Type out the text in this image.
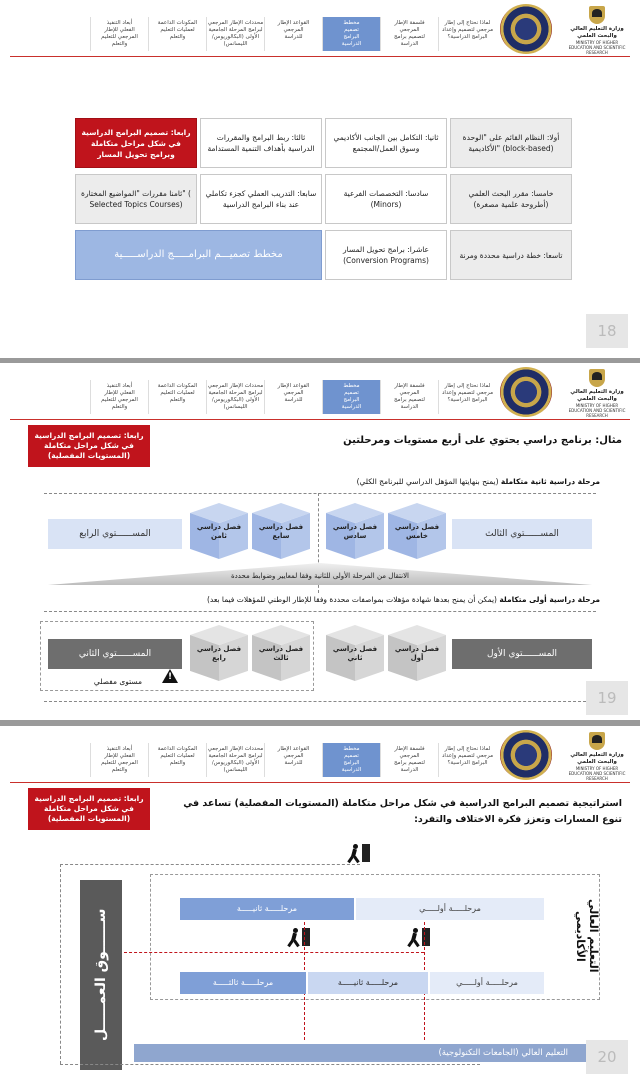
وزارة التعليم العالي والبحث العلمي
MINISTRY OF HIGHER EDUCATION AND SCIENTIFIC RESEARCH
لماذا نحتاج إلى إطار
مرجعي لتصميم وإعداد
البرامج الدراسية؟
فلسفة الإطار
المرجعي
لتصميم برامج
الدراسة
مخطط
تصميم
البرامج
الدراسية
القواعد الإطار
المرجعي
للدراسة
محددات الإطار المرجعي
لبرامج المرحلة الجامعية
الأولى (البكالوريوس/الليسانس)
المكونات الداعمة
لعمليات التعليم
والتعلم
أبعاد التنفيذ
الفعلي للإطار
المرجعي للتعليم
والتعلم
أولا: النظام القائم على "الوحدة الأكاديمية" (block-based)
ثانيا: التكامل بين الجانب الأكاديمي وسوق العمل/المجتمع
ثالثا: ربط البرامج والمقررات الدراسية بأهداف التنمية المستدامة
رابعا: تصميم البرامج الدراسية في شكل مراحل متكاملة وبرامج تحويل المسار
خامسا: مقرر البحث العلمي (أطروحة علمية مصغرة)
سادسا: التخصصات الفرعية (Minors)
سابعا: التدريب العملي كجزء تكاملي عند بناء البرامج الدراسية
ثامنا مقررات "المواضيع المختارة" ( Selected Topics Courses)
تاسعا: خطة دراسية محددة ومرنة
عاشرا: برامج تحويل المسار (Conversion Programs)
مخطط تصميـــم البرامـــــج الدراســـــية
18
وزارة التعليم العالي والبحث العلمي
MINISTRY OF HIGHER EDUCATION AND SCIENTIFIC RESEARCH
لماذا نحتاج إلى إطار
مرجعي لتصميم وإعداد
البرامج الدراسية؟
فلسفة الإطار
المرجعي
لتصميم برامج
الدراسة
مخطط
تصميم
البرامج
الدراسية
القواعد الإطار
المرجعي
للدراسة
محددات الإطار المرجعي
لبرامج المرحلة الجامعية
الأولى (البكالوريوس/الليسانس)
المكونات الداعمة
لعمليات التعليم
والتعلم
أبعاد التنفيذ
الفعلي للإطار
المرجعي للتعليم
والتعلم
رابعا: تصميم البرامج الدراسية في شكل مراحل متكاملة (المستويات المفصلية)
مثال: برنامج دراسي يحتوي على أربع مستويات ومرحلتين
مرحلة دراسية ثانية متكاملة (يمنح بنهايتها المؤهل الدراسي للبرنامج الكلي)
المســــــتوي الرابع
فصل دراسي ثامن
فصل دراسي سابع
فصل دراسي سادس
فصل دراسي خامس	المســــــتوي الثالث
الانتقال من المرحلة الأولى للثانية وفقا لمعايير وضوابط محددة
مرحلة دراسية أولى متكاملة (يمكن أن يمنح بعدها شهادة مؤهلات بمواصفات محددة وفقا للإطار الوطني للمؤهلات فيما بعد)
المســــــتوي الثاني	فصل دراسي رابع
فصل دراسي ثالث
فصل دراسي ثاني
فصل دراسي أول	المســــــتوي الأول
!
مستوى مفصلي
19
وزارة التعليم العالي والبحث العلمي
MINISTRY OF HIGHER EDUCATION AND SCIENTIFIC RESEARCH
لماذا نحتاج إلى إطار
مرجعي لتصميم وإعداد
البرامج الدراسية؟
فلسفة الإطار
المرجعي
لتصميم برامج
الدراسة
مخطط
تصميم
البرامج
الدراسية
القواعد الإطار
المرجعي
للدراسة
محددات الإطار المرجعي
لبرامج المرحلة الجامعية
الأولى (البكالوريوس/الليسانس)
المكونات الداعمة
لعمليات التعليم
والتعلم
أبعاد التنفيذ
الفعلي للإطار
المرجعي للتعليم
والتعلم
رابعا: تصميم البرامج الدراسية في شكل مراحل متكاملة (المستويات المفصلية)
استراتيجية تصميم البرامج الدراسية في شكل مراحل متكاملة (المستويات المفصلية) تساعد في تنوع المسارات وتعزز فكرة الاختلاف والتفرد:
ســــــوق العمـــــل	التعليم العالي الأكاديمي
مرحلـــــة ثانيـــــة	مرحلـــــة أولـــــي
مرحلـــــة ثالثـــــة	مرحلـــــة ثانيـــــة	مرحلـــــة أولـــــي
التعليم العالي (الجامعات التكنولوجية)	20
